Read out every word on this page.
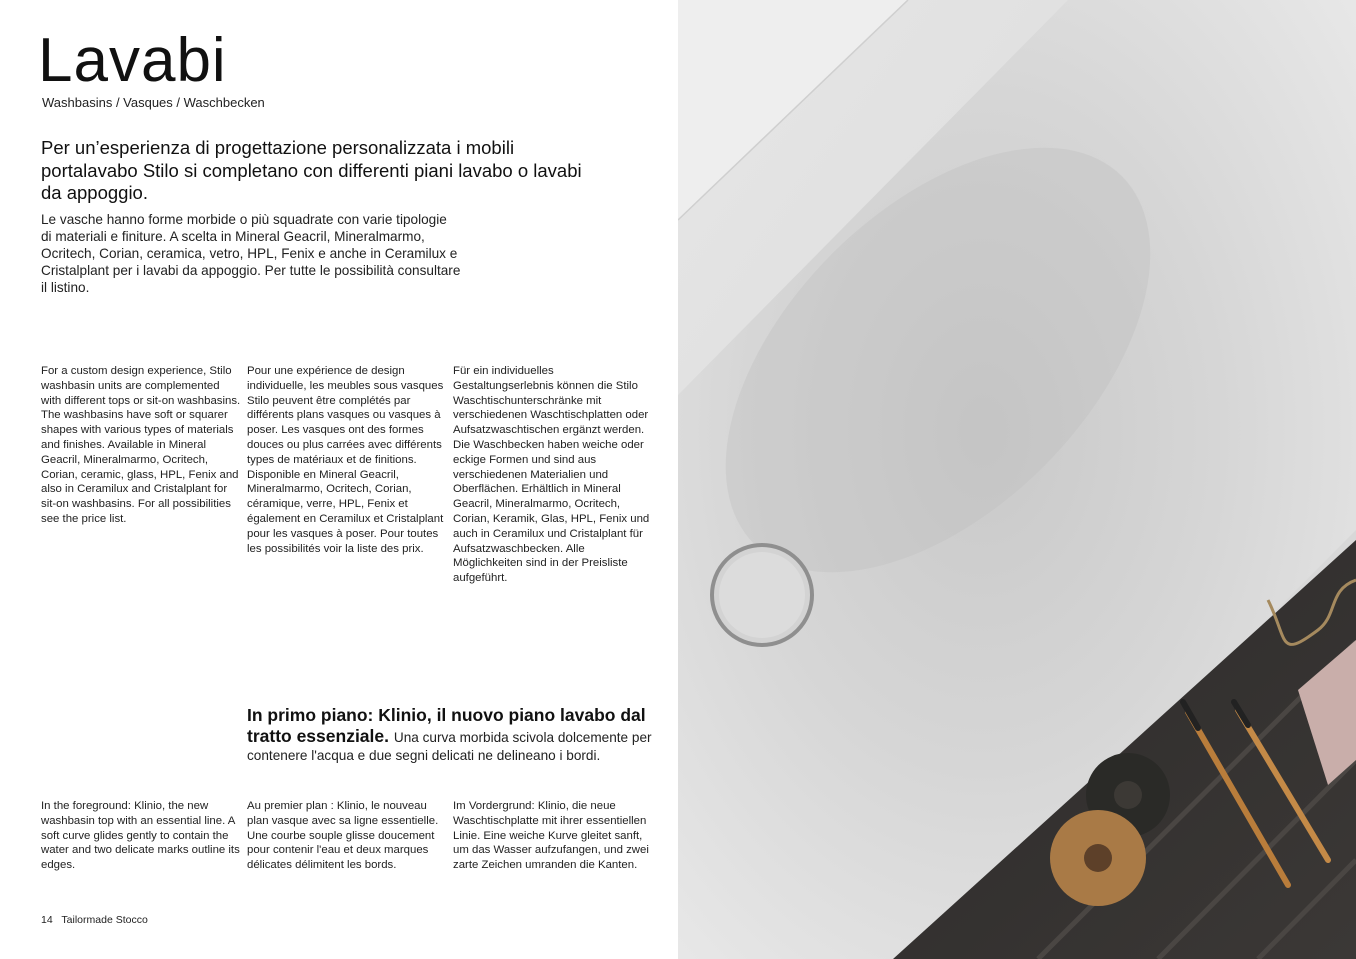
Lavabi

Washbasins / Vasques / Waschbecken

Per un’esperienza di progettazione personalizzata i mobili portalavabo Stilo si completano con differenti piani lavabo o lavabi da appoggio.

Le vasche hanno forme morbide o più squadrate con varie tipologie di materiali e finiture. A scelta in Mineral Geacril, Mineralmarmo, Ocritech, Corian, ceramica, vetro, HPL, Fenix e anche in Ceramilux e Cristalplant per i lavabi da appoggio. Per tutte le possibilità consultare il listino.

For a custom design experience, Stilo washbasin units are complemented with different tops or sit-on washbasins. The washbasins have soft or squarer shapes with various types of materials and finishes. Available in Mineral Geacril, Mineralmarmo, Ocritech, Corian, ceramic, glass, HPL, Fenix and also in Ceramilux and Cristalplant for sit-on washbasins. For all possibilities see the price list.

Pour une expérience de design individuelle, les meubles sous vasques Stilo peuvent être complétés par différents plans vasques ou vasques à poser. Les vasques ont des formes douces ou plus carrées avec différents types de matériaux et de finitions. Disponible en Mineral Geacril, Mineralmarmo, Ocritech, Corian, céramique, verre, HPL, Fenix et également en Ceramilux et Cristalplant pour les vasques à poser. Pour toutes les possibilités voir la liste des prix.

Für ein individuelles Gestaltungserlebnis können die Stilo Waschtischunterschränke mit verschiedenen Waschtischplatten oder Aufsatzwaschtischen ergänzt werden. Die Waschbecken haben weiche oder eckige Formen und sind aus verschiedenen Materialien und Oberflächen. Erhältlich in Mineral Geacril, Mineralmarmo, Ocritech, Corian, Keramik, Glas, HPL, Fenix und auch in Ceramilux und Cristalplant für Aufsatzwaschbecken. Alle Möglichkeiten sind in der Preisliste aufgeführt.

In primo piano: Klinio, il nuovo piano lavabo dal tratto essenziale. Una curva morbida scivola dolcemente per contenere l'acqua e due segni delicati ne delineano i bordi.

In the foreground: Klinio, the new washbasin top with an essential line. A soft curve glides gently to contain the water and two delicate marks outline its edges.

Au premier plan : Klinio, le nouveau plan vasque avec sa ligne essentielle. Une courbe souple glisse doucement pour contenir l'eau et deux marques délicates délimitent les bords.

Im Vordergrund: Klinio, die neue Waschtischplatte mit ihrer essentiellen Linie. Eine weiche Kurve gleitet sanft, um das Wasser aufzufangen, und zwei zarte Zeichen umranden die Kanten.

14 Tailormade Stocco
